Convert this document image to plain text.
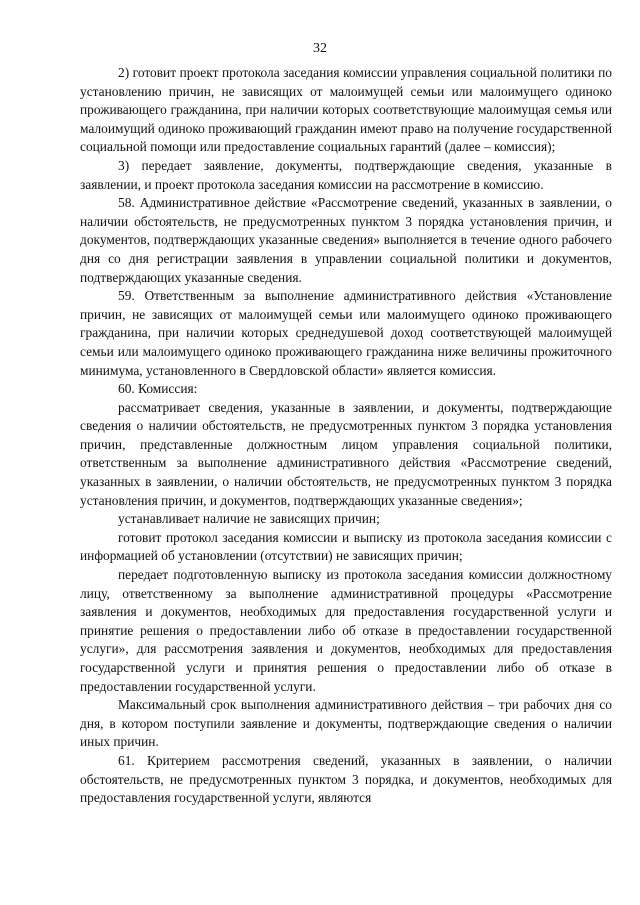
32

2) готовит проект протокола заседания комиссии управления социальной политики по установлению причин, не зависящих от малоимущей семьи или малоимущего одиноко проживающего гражданина, при наличии которых соответствующие малоимущая семья или малоимущий одиноко проживающий гражданин имеют право на получение государственной социальной помощи или предоставление социальных гарантий (далее – комиссия);

3) передает заявление, документы, подтверждающие сведения, указанные в заявлении, и проект протокола заседания комиссии на рассмотрение в комиссию.

58. Административное действие «Рассмотрение сведений, указанных в заявлении, о наличии обстоятельств, не предусмотренных пунктом 3 порядка установления причин, и документов, подтверждающих указанные сведения» выполняется в течение одного рабочего дня со дня регистрации заявления в управлении социальной политики и документов, подтверждающих указанные сведения.

59. Ответственным за выполнение административного действия «Установление причин, не зависящих от малоимущей семьи или малоимущего одиноко проживающего гражданина, при наличии которых среднедушевой доход соответствующей малоимущей семьи или малоимущего одиноко проживающего гражданина ниже величины прожиточного минимума, установленного в Свердловской области» является комиссия.

60. Комиссия:

рассматривает сведения, указанные в заявлении, и документы, подтверждающие сведения о наличии обстоятельств, не предусмотренных пунктом 3 порядка установления причин, представленные должностным лицом управления социальной политики, ответственным за выполнение административного действия «Рассмотрение сведений, указанных в заявлении, о наличии обстоятельств, не предусмотренных пунктом 3 порядка установления причин, и документов, подтверждающих указанные сведения»;

устанавливает наличие не зависящих причин;

готовит протокол заседания комиссии и выписку из протокола заседания комиссии с информацией об установлении (отсутствии) не зависящих причин;

передает подготовленную выписку из протокола заседания комиссии должностному лицу, ответственному за выполнение административной процедуры «Рассмотрение заявления и документов, необходимых для предоставления государственной услуги и принятие решения о предоставлении либо об отказе в предоставлении государственной услуги», для рассмотрения заявления и документов, необходимых для предоставления государственной услуги и принятия решения о предоставлении либо об отказе в предоставлении государственной услуги.

Максимальный срок выполнения административного действия – три рабочих дня со дня, в котором поступили заявление и документы, подтверждающие сведения о наличии иных причин.

61. Критерием рассмотрения сведений, указанных в заявлении, о наличии обстоятельств, не предусмотренных пунктом 3 порядка, и документов, необходимых для предоставления государственной услуги, являются
